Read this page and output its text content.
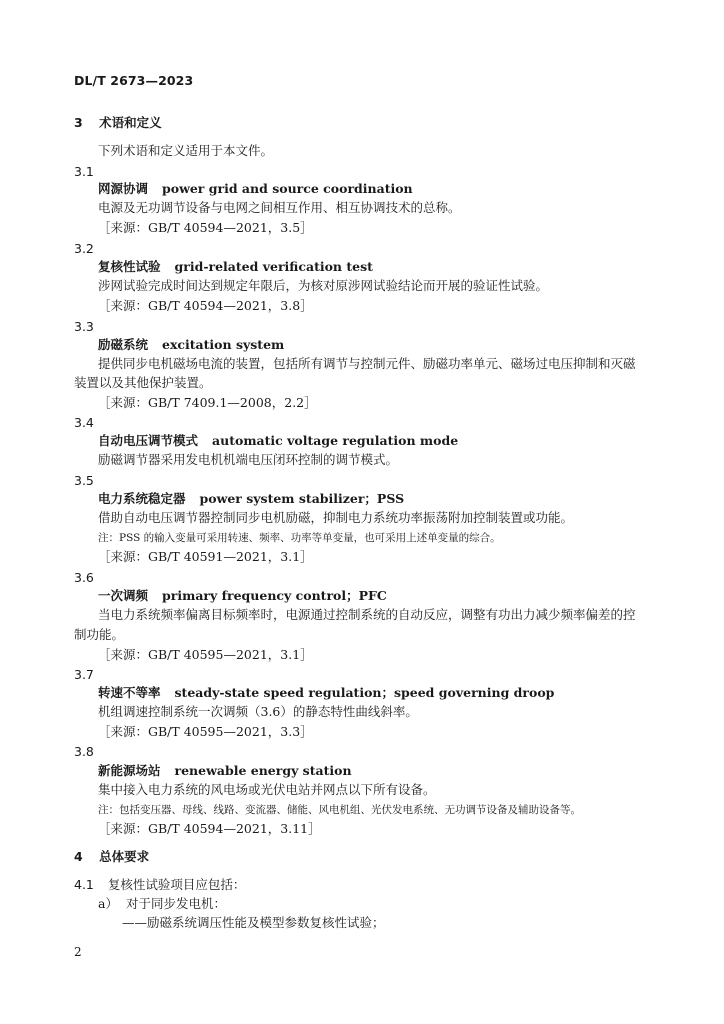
DL/T 2673—2023
3 术语和定义
下列术语和定义适用于本文件。
3.1
网源协调 power grid and source coordination
电源及无功调节设备与电网之间相互作用、相互协调技术的总称。
［来源：GB/T 40594—2021，3.5］
3.2
复核性试验 grid-related verification test
涉网试验完成时间达到规定年限后，为核对原涉网试验结论而开展的验证性试验。
［来源：GB/T 40594—2021，3.8］
3.3
励磁系统 excitation system
提供同步电机磁场电流的装置，包括所有调节与控制元件、励磁功率单元、磁场过电压抑制和灭磁
装置以及其他保护装置。
［来源：GB/T 7409.1—2008，2.2］
3.4
自动电压调节模式 automatic voltage regulation mode
励磁调节器采用发电机机端电压闭环控制的调节模式。
3.5
电力系统稳定器 power system stabilizer；PSS
借助自动电压调节器控制同步电机励磁，抑制电力系统功率振荡附加控制装置或功能。
注：PSS 的输入变量可采用转速、频率、功率等单变量，也可采用上述单变量的综合。
［来源：GB/T 40591—2021，3.1］
3.6
一次调频 primary frequency control；PFC
当电力系统频率偏离目标频率时，电源通过控制系统的自动反应，调整有功出力减少频率偏差的控
制功能。
［来源：GB/T 40595—2021，3.1］
3.7
转速不等率 steady-state speed regulation；speed governing droop
机组调速控制系统一次调频（3.6）的静态特性曲线斜率。
［来源：GB/T 40595—2021，3.3］
3.8
新能源场站 renewable energy station
集中接入电力系统的风电场或光伏电站并网点以下所有设备。
注：包括变压器、母线、线路、变流器、储能、风电机组、光伏发电系统、无功调节设备及辅助设备等。
［来源：GB/T 40594—2021，3.11］
4 总体要求
4.1 复核性试验项目应包括：
a） 对于同步发电机：
——励磁系统调压性能及模型参数复核性试验；
2
